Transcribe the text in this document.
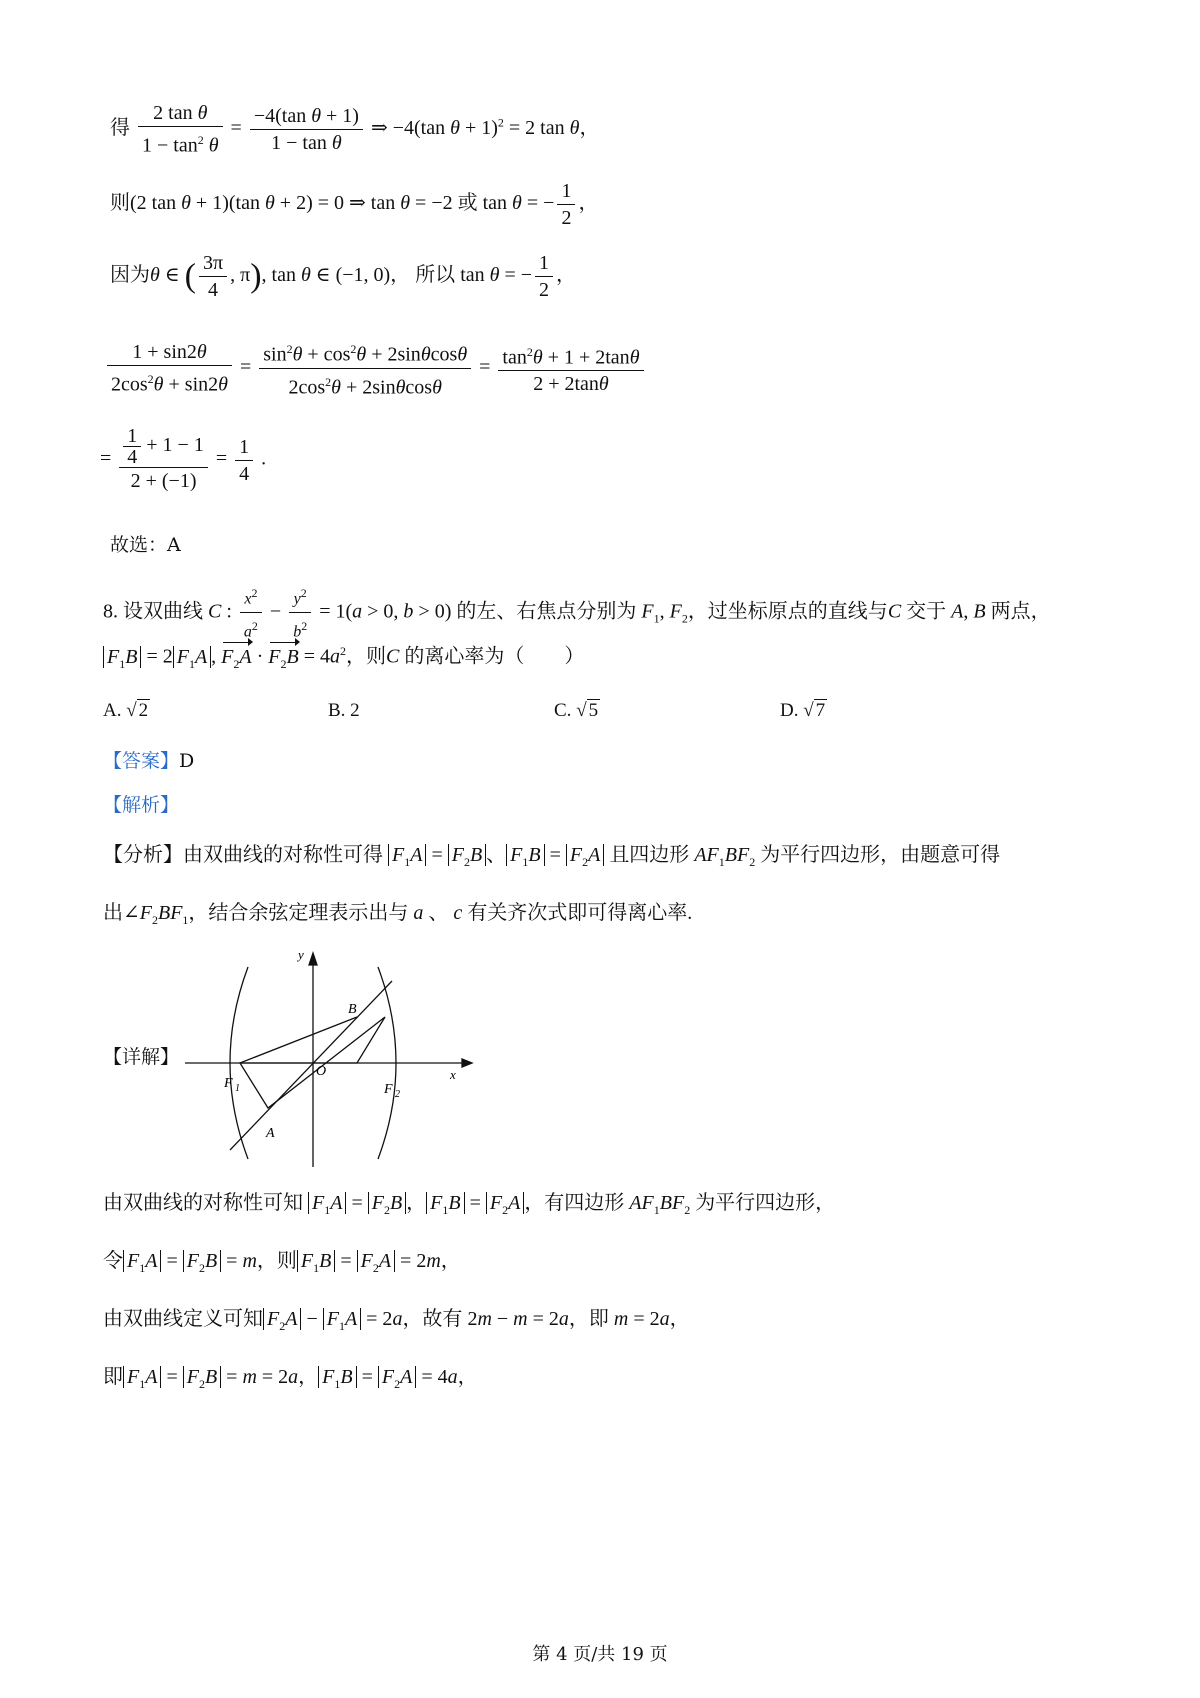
得 $\frac{\text{2 tan θ}}{1 - \tan^2 \theta} = \frac{\text{−4(tan θ + 1)}}{\text{1 − tan θ}}$ ⇒ −4(tan θ + 1)$^2$ = 2 tan θ，
则(2 tan θ + 1)(tan θ + 2) = 0 ⇒ tan θ = −2 或 tan θ = − $\frac{1}{2}$ ，
因为θ ∈ ( $\frac{3\pi}{4}$ , π), tan θ ∈ (−1, 0)， 所以 tan θ = − $\frac{1}{2}$ ，
$\frac{1 + \sin 2\theta}{2\cos^2\theta + \sin 2\theta} = \frac{\sin^2\theta + \cos^2\theta + 2\sin\theta\cos\theta}{2\cos^2\theta + 2\sin\theta\cos\theta} = \frac{\tan^2\theta + 1 + 2\tan\theta}{2 + 2\tan\theta}$
= $\frac{\frac{1}{4} + 1 - 1}{2 + (-1)} = \frac{1}{4}$ .
故选：A
8. 设双曲线 C : $\frac{x^2}{a^2} - \frac{y^2}{b^2} = 1(a > 0$, b > 0) 的左、右焦点分别为 $F_1$, $F_2$，过坐标原点的直线与C 交于 A, B 两点，
$F_1B = 2$ $F_1A$ , $F_2A \cdot F_2B = 4a^2$，则C 的离心率为（　　）
A. √ 2	B. 2	C. √ 5	D. √ 7
【答案】D
【解析】
【分析】由双曲线的对称性可得 $F_1A = F_2B$ 、 $F_1B = F_2A$ 且四边形 $AF_1BF_2$ 为平行四边形，由题意可得
出$\angle F_2BF_1$，结合余弦定理表示出与 a 、 c 有关齐次式即可得离心率.
【详解】
y
x
B
O
F 1	F 2
A
由双曲线的对称性可知 $F_1A = F_2B$ ， $F_1B = F_2A$ ，有四边形 $AF_1BF_2$ 为平行四边形，
令 $F_1A = F_2B = m$，则 $F_1B = F_2A = 2m$，
由双曲线定义可知 $F_2A - F_1A = 2a$，故有 2m − m = 2a，即 m = 2a，
即 $F_1A = F_2B = m = 2a$， $F_1B = F_2A = 4a$，
第 4 页/共 19 页
